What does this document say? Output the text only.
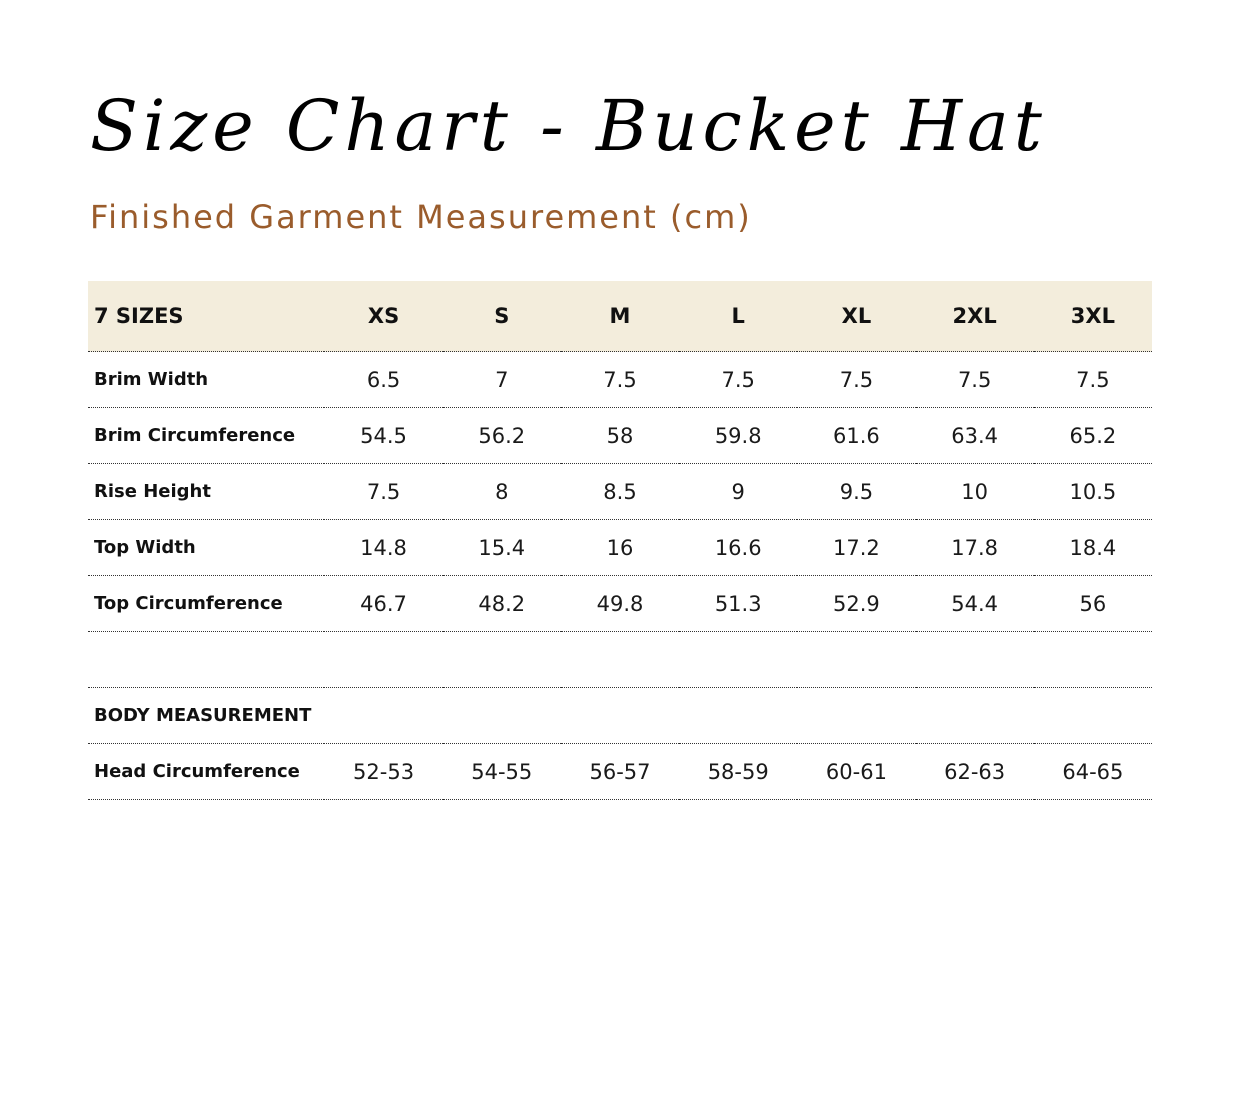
Size Chart - Bucket Hat
Finished Garment Measurement (cm)
7 SIZES	XS	S	M	L	XL	2XL	3XL
Brim Width	6.5	7	7.5	7.5	7.5	7.5	7.5
Brim Circumference	54.5	56.2	58	59.8	61.6	63.4	65.2
Rise Height	7.5	8	8.5	9	9.5	10	10.5
Top Width	14.8	15.4	16	16.6	17.2	17.8	18.4
Top Circumference	46.7	48.2	49.8	51.3	52.9	54.4	56

BODY MEASUREMENT							
Head Circumference	52-53	54-55	56-57	58-59	60-61	62-63	64-65
